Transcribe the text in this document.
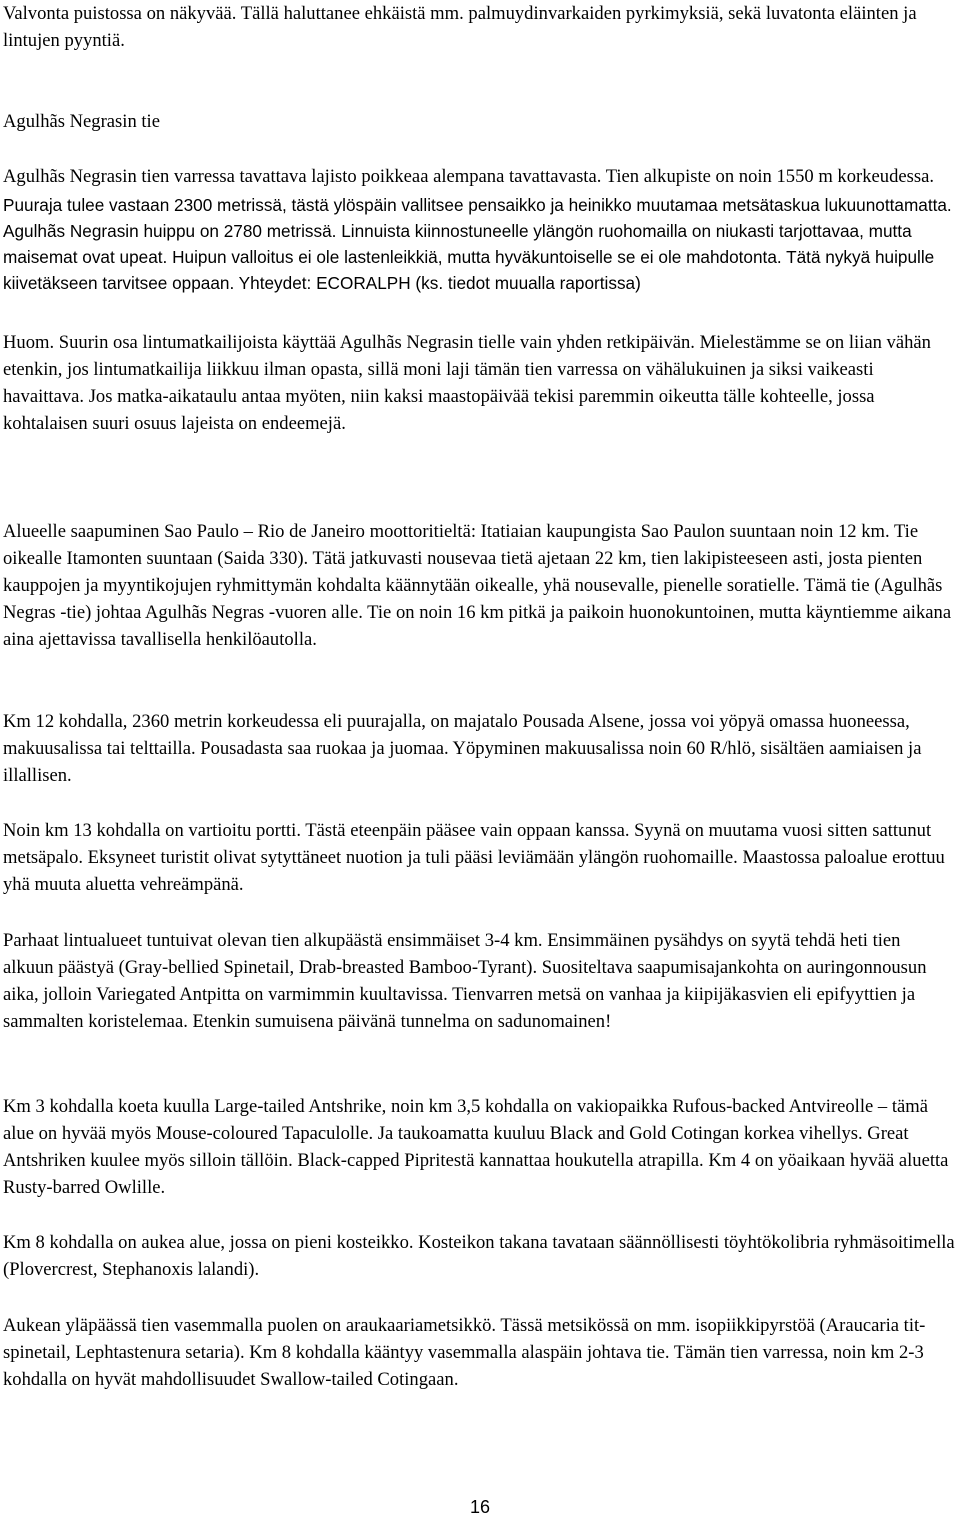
Valvonta puistossa on näkyvää. Tällä haluttanee ehkäistä mm. palmuydinvarkaiden pyrkimyksiä, sekä luvatonta eläinten ja lintujen pyyntiä.

Agulhãs Negrasin tie

Agulhãs Negrasin tien varressa tavattava lajisto poikkeaa alempana tavattavasta. Tien alkupiste on noin 1550 m korkeudessa.

Puuraja tulee vastaan 2300 metrissä, tästä ylöspäin vallitsee pensaikko ja heinikko muutamaa metsätaskua lukuunottamatta. Agulhãs Negrasin huippu on 2780 metrissä. Linnuista kiinnostuneelle ylängön ruohomailla on niukasti tarjottavaa, mutta maisemat ovat upeat. Huipun valloitus ei ole lastenleikkiä, mutta hyväkuntoiselle se ei ole mahdotonta. Tätä nykyä huipulle kiivetäkseen tarvitsee oppaan. Yhteydet: ECORALPH (ks. tiedot muualla raportissa)

Huom. Suurin osa lintumatkailijoista käyttää Agulhãs Negrasin tielle vain yhden retkipäivän. Mielestämme se on liian vähän etenkin, jos lintumatkailija liikkuu ilman opasta, sillä moni laji tämän tien varressa on vähälukuinen ja siksi vaikeasti havaittava. Jos matka-aikataulu antaa myöten, niin kaksi maastopäivää tekisi paremmin oikeutta tälle kohteelle, jossa kohtalaisen suuri osuus lajeista on endeemejä.

Alueelle saapuminen Sao Paulo – Rio de Janeiro moottoritieltä: Itatiaian kaupungista Sao Paulon suuntaan noin 12 km. Tie oikealle Itamonten suuntaan (Saida 330). Tätä jatkuvasti nousevaa tietä ajetaan 22 km, tien lakipisteeseen asti, josta pienten kauppojen ja myyntikojujen ryhmittymän kohdalta käännytään oikealle, yhä nousevalle, pienelle soratielle. Tämä tie (Agulhãs Negras -tie) johtaa Agulhãs Negras -vuoren alle. Tie on noin 16 km pitkä ja paikoin huonokuntoinen, mutta käyntiemme aikana aina ajettavissa tavallisella henkilöautolla.

Km 12 kohdalla, 2360 metrin korkeudessa eli puurajalla, on majatalo Pousada Alsene, jossa voi yöpyä omassa huoneessa, makuusalissa tai telttailla. Pousadasta saa ruokaa ja juomaa. Yöpyminen makuusalissa noin 60 R/hlö, sisältäen aamiaisen ja illallisen.

Noin km 13 kohdalla on vartioitu portti. Tästä eteenpäin pääsee vain oppaan kanssa. Syynä on muutama vuosi sitten sattunut metsäpalo. Eksyneet turistit olivat sytyttäneet nuotion ja tuli pääsi leviämään ylängön ruohomaille. Maastossa paloalue erottuu yhä muuta aluetta vehreämpänä.

Parhaat lintualueet tuntuivat olevan tien alkupäästä ensimmäiset 3-4 km. Ensimmäinen pysähdys on syytä tehdä heti tien alkuun päästyä (Gray-bellied Spinetail, Drab-breasted Bamboo-Tyrant). Suositeltava saapumisajankohta on auringonnousun aika, jolloin Variegated Antpitta on varmimmin kuultavissa. Tienvarren metsä on vanhaa ja kiipijäkasvien eli epifyyttien ja sammalten koristelemaa. Etenkin sumuisena päivänä tunnelma on sadunomainen!

Km 3 kohdalla koeta kuulla Large-tailed Antshrike, noin km 3,5 kohdalla on vakiopaikka Rufous-backed Antvireolle – tämä alue on hyvää myös Mouse-coloured Tapaculolle. Ja taukoamatta kuuluu Black and Gold Cotingan korkea vihellys. Great Antshriken kuulee myös silloin tällöin. Black-capped Pipritestä kannattaa houkutella atrapilla. Km 4 on yöaikaan hyvää aluetta Rusty-barred Owlille.

Km 8 kohdalla on aukea alue, jossa on pieni kosteikko. Kosteikon takana tavataan säännöllisesti töyhtökolibria ryhmäsoitimella (Plovercrest, Stephanoxis lalandi).

Aukean yläpäässä tien vasemmalla puolen on araukaariametsikkö. Tässä metsikössä on mm. isopiikkipyrstöä (Araucaria tit-spinetail, Lephtastenura setaria). Km 8 kohdalla kääntyy vasemmalla alaspäin johtava tie. Tämän tien varressa, noin km 2-3 kohdalla on hyvät mahdollisuudet Swallow-tailed Cotingaan.

16
